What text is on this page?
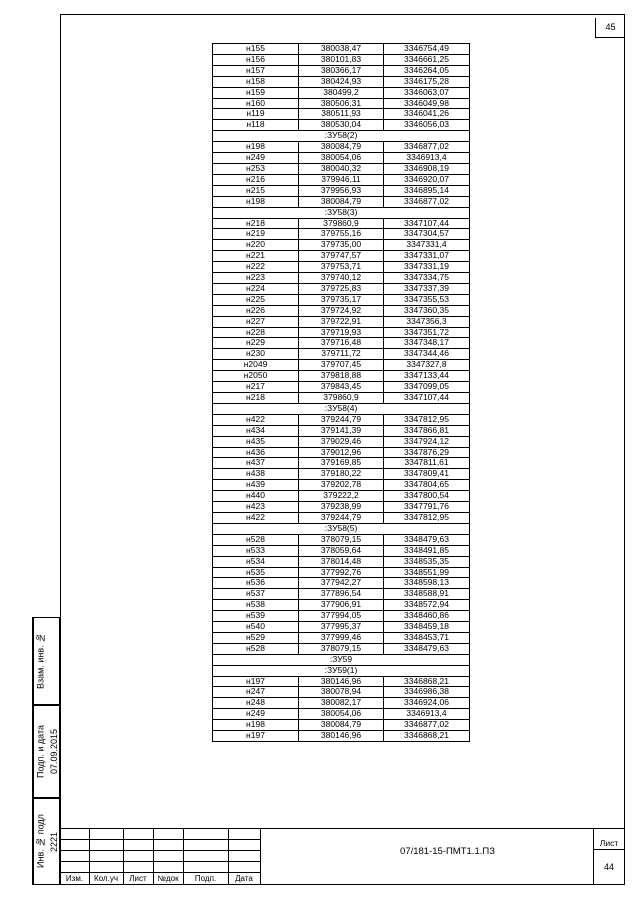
45
н155	380038,47	3346754,49
н156	380101,83	3346661,25
н157	380366,17	3346264,05
н158	380424,93	3346175,28
н159	380499,2	3346063,07
н160	380506,31	3346049,98
н119	380511,93	3346041,26
н118	380530,04	3346056,03
:ЗУ58(2)		
н198	380084,79	3346877,02
н249	380054,06	3346913,4
н253	380040,32	3346908,19
н216	379946,11	3346920,07
н215	379956,93	3346895,14
н198	380084,79	3346877,02
:ЗУ58(3)		
н218	379860,9	3347107,44
н219	379755,16	3347304,57
н220	379735,00	3347331,4
н221	379747,57	3347331,07
н222	379753,71	3347331,19
н223	379740,12	3347334,75
н224	379725,83	3347337,39
н225	379735,17	3347355,53
н226	379724,92	3347360,35
н227	379722,91	3347356,3
н228	379719,93	3347351,72
н229	379716,48	3347348,17
н230	379711,72	3347344,46
н2049	379707,45	3347327,8
н2050	379818,88	3347133,44
н217	379843,45	3347099,05
н218	379860,9	3347107,44
:ЗУ58(4)		
н422	379244,79	3347812,95
н434	379141,39	3347866,81
н435	379029,46	3347924,12
н436	379012,96	3347876,29
н437	379169,85	3347811,61
н438	379180,22	3347809,41
н439	379202,78	3347804,65
н440	379222,2	3347800,54
н423	379238,99	3347791,76
н422	379244,79	3347812,95
:ЗУ58(5)		
н528	378079,15	3348479,63
н533	378059,64	3348491,85
н534	378014,48	3348535,35
н535	377992,76	3348551,99
н536	377942,27	3348598,13
н537	377896,54	3348588,91
н538	377906,91	3348572,94
н539	377994,05	3348460,86
н540	377995,37	3348459,18
н529	377999,46	3348453,71
н528	378079,15	3348479,63
:ЗУ59		
:ЗУ59(1)		
н197	380146,96	3346868,21
н247	380078,94	3346986,38
н248	380082,17	3346924,06
н249	380054,06	3346913,4
н198	380084,79	3346877,02
н197	380146,96	3346868,21
Взам. инв. №
Подп. и дата 07.09.2015
Инв. № подл 2221
Изм.	Кол.уч	Лист	№док	Подп.	Дата
07/181-15-ПМТ1.1.ПЗ
Лист
44
